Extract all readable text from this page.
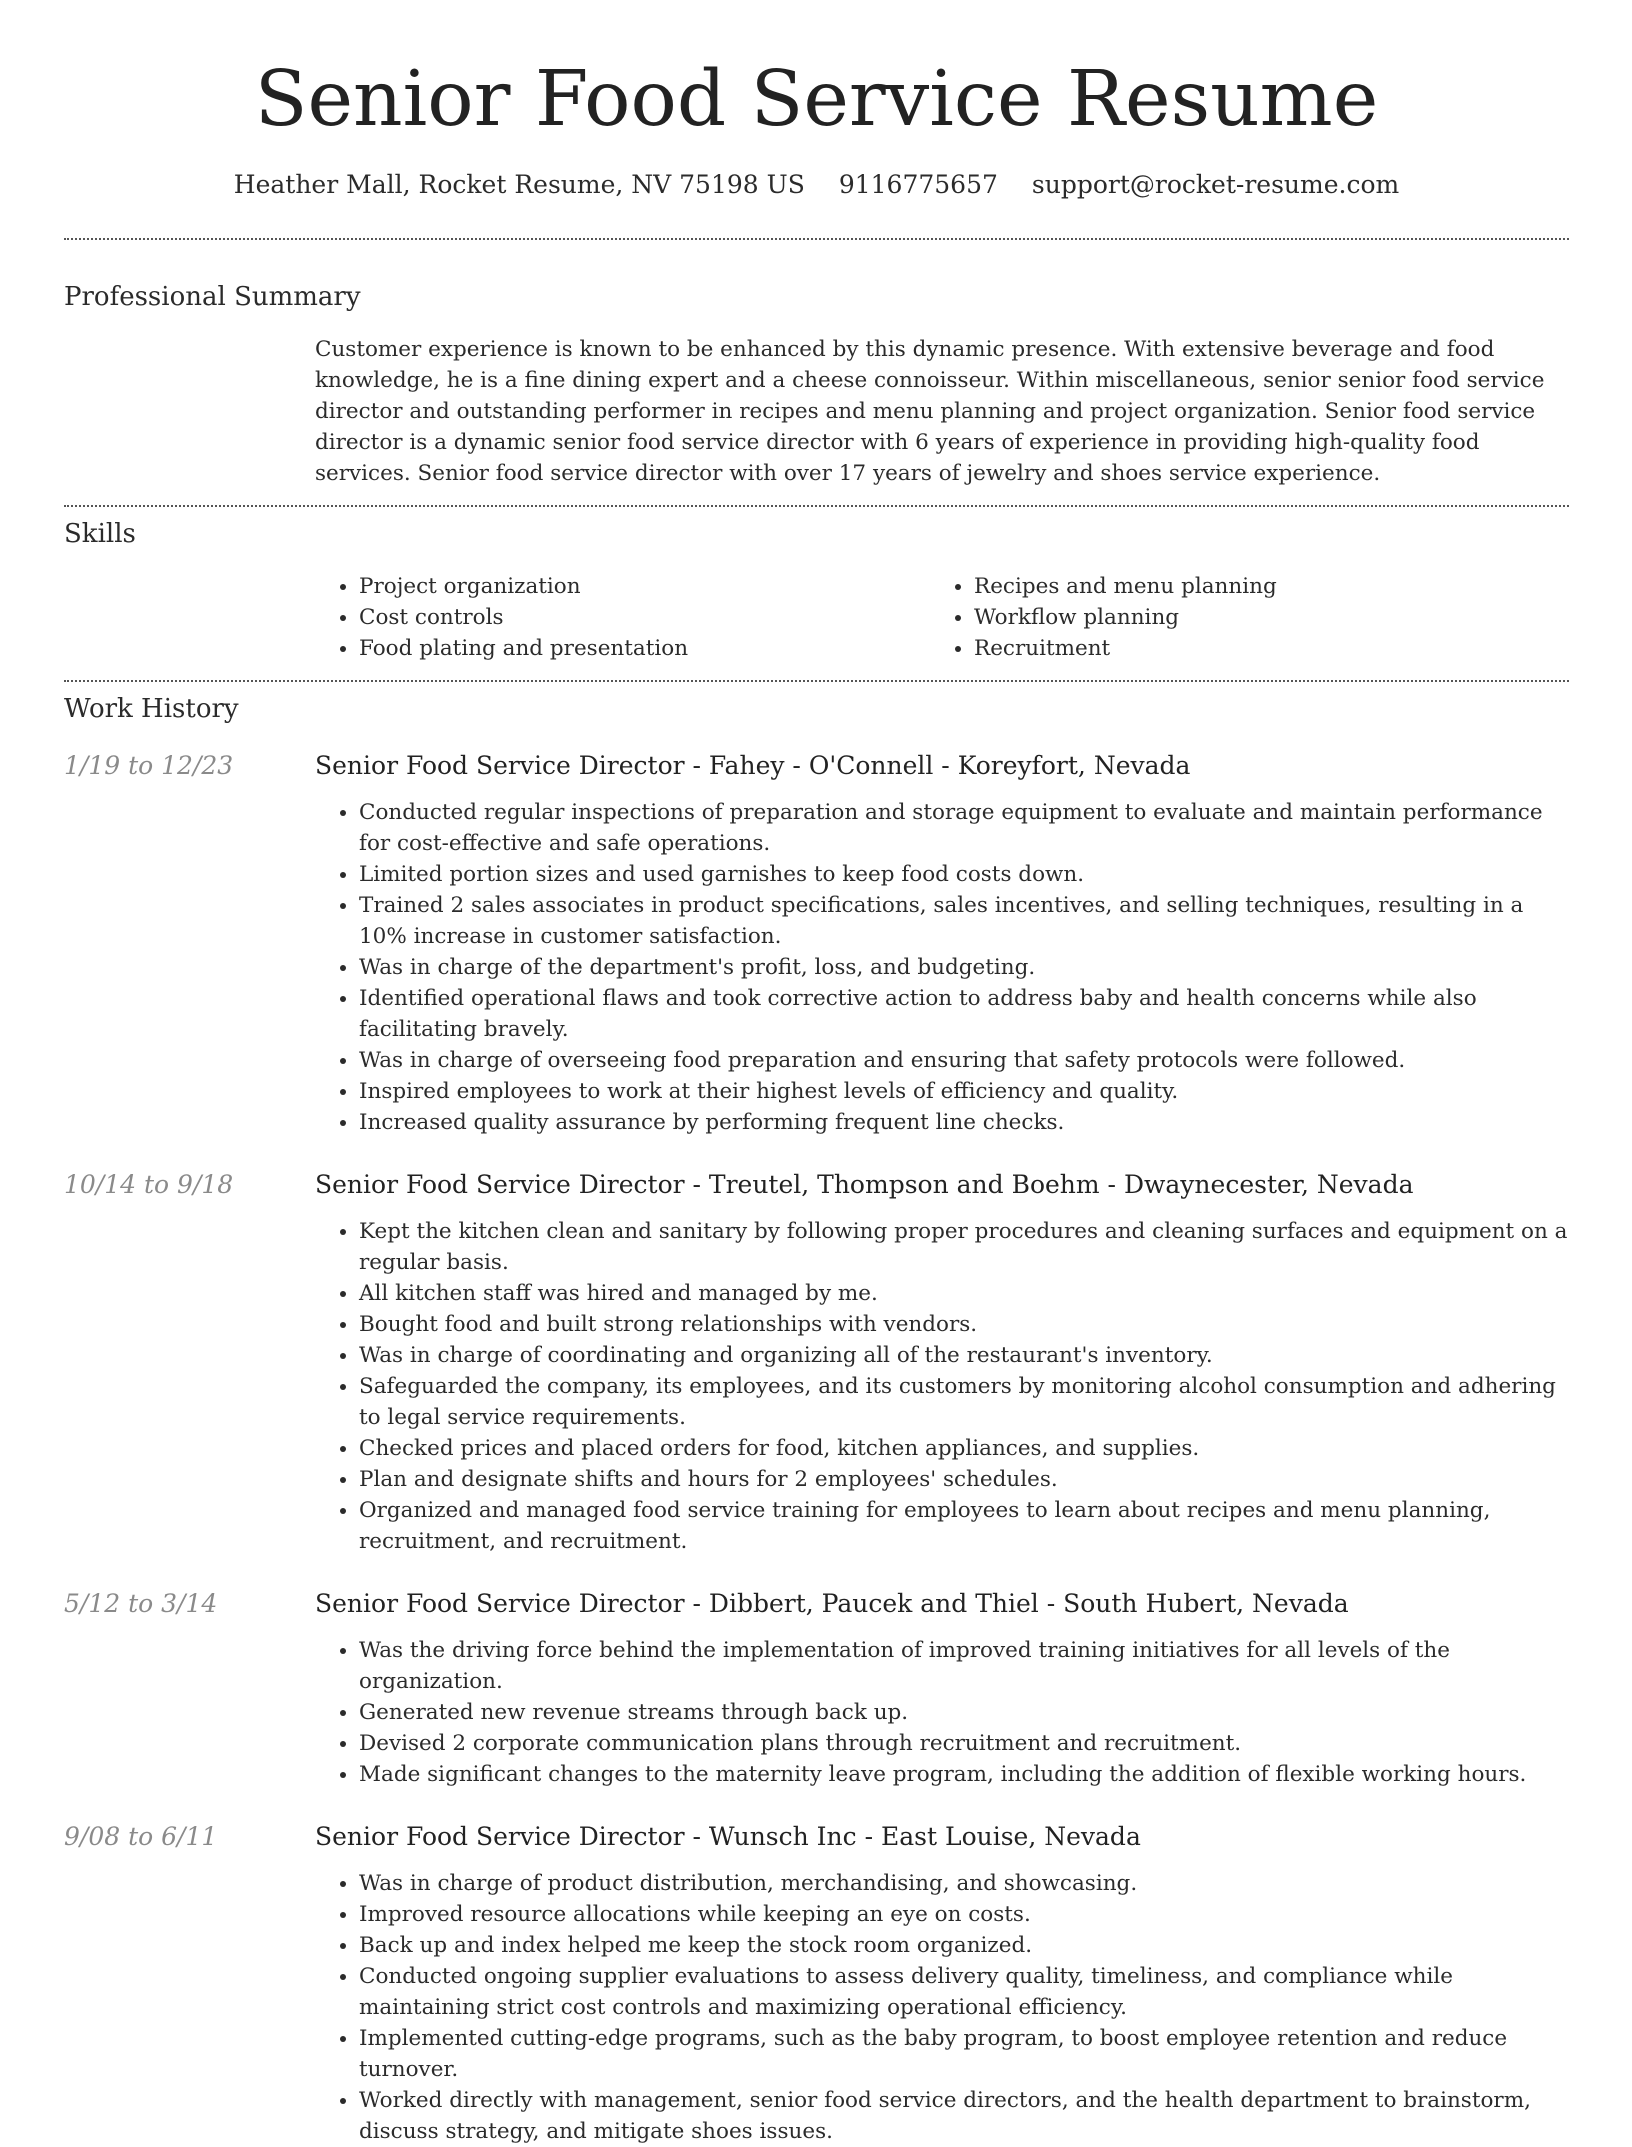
Senior Food Service Resume
Heather Mall, Rocket Resume, NV 75198 US 9116775657 support@rocket-resume.com
Professional Summary

Customer experience is known to be enhanced by this dynamic presence. With extensive beverage and food knowledge, he is a fine dining expert and a cheese connoisseur. Within miscellaneous, senior senior food service director and outstanding performer in recipes and menu planning and project organization. Senior food service director is a dynamic senior food service director with 6 years of experience in providing high-quality food services. Senior food service director with over 17 years of jewelry and shoes service experience.

Skills
• Project organization
• Cost controls
• Food plating and presentation
• Recipes and menu planning
• Workflow planning
• Recruitment
Work History
1/19 to 12/23	Senior Food Service Director - Fahey - O'Connell - Koreyfort, Nevada
• Conducted regular inspections of preparation and storage equipment to evaluate and maintain performance for cost-effective and safe operations.
• Limited portion sizes and used garnishes to keep food costs down.
• Trained 2 sales associates in product specifications, sales incentives, and selling techniques, resulting in a 10% increase in customer satisfaction.
• Was in charge of the department's profit, loss, and budgeting.
• Identified operational flaws and took corrective action to address baby and health concerns while also facilitating bravely.
• Was in charge of overseeing food preparation and ensuring that safety protocols were followed.
• Inspired employees to work at their highest levels of efficiency and quality.
• Increased quality assurance by performing frequent line checks.
10/14 to 9/18	Senior Food Service Director - Treutel, Thompson and Boehm - Dwaynecester, Nevada
• Kept the kitchen clean and sanitary by following proper procedures and cleaning surfaces and equipment on a regular basis.
• All kitchen staff was hired and managed by me.
• Bought food and built strong relationships with vendors.
• Was in charge of coordinating and organizing all of the restaurant's inventory.
• Safeguarded the company, its employees, and its customers by monitoring alcohol consumption and adhering to legal service requirements.
• Checked prices and placed orders for food, kitchen appliances, and supplies.
• Plan and designate shifts and hours for 2 employees' schedules.
• Organized and managed food service training for employees to learn about recipes and menu planning, recruitment, and recruitment.
5/12 to 3/14	Senior Food Service Director - Dibbert, Paucek and Thiel - South Hubert, Nevada
• Was the driving force behind the implementation of improved training initiatives for all levels of the organization.
• Generated new revenue streams through back up.
• Devised 2 corporate communication plans through recruitment and recruitment.
• Made significant changes to the maternity leave program, including the addition of flexible working hours.
9/08 to 6/11	Senior Food Service Director - Wunsch Inc - East Louise, Nevada
• Was in charge of product distribution, merchandising, and showcasing.
• Improved resource allocations while keeping an eye on costs.
• Back up and index helped me keep the stock room organized.
• Conducted ongoing supplier evaluations to assess delivery quality, timeliness, and compliance while maintaining strict cost controls and maximizing operational efficiency.
• Implemented cutting-edge programs, such as the baby program, to boost employee retention and reduce turnover.
• Worked directly with management, senior food service directors, and the health department to brainstorm, discuss strategy, and mitigate shoes issues.
